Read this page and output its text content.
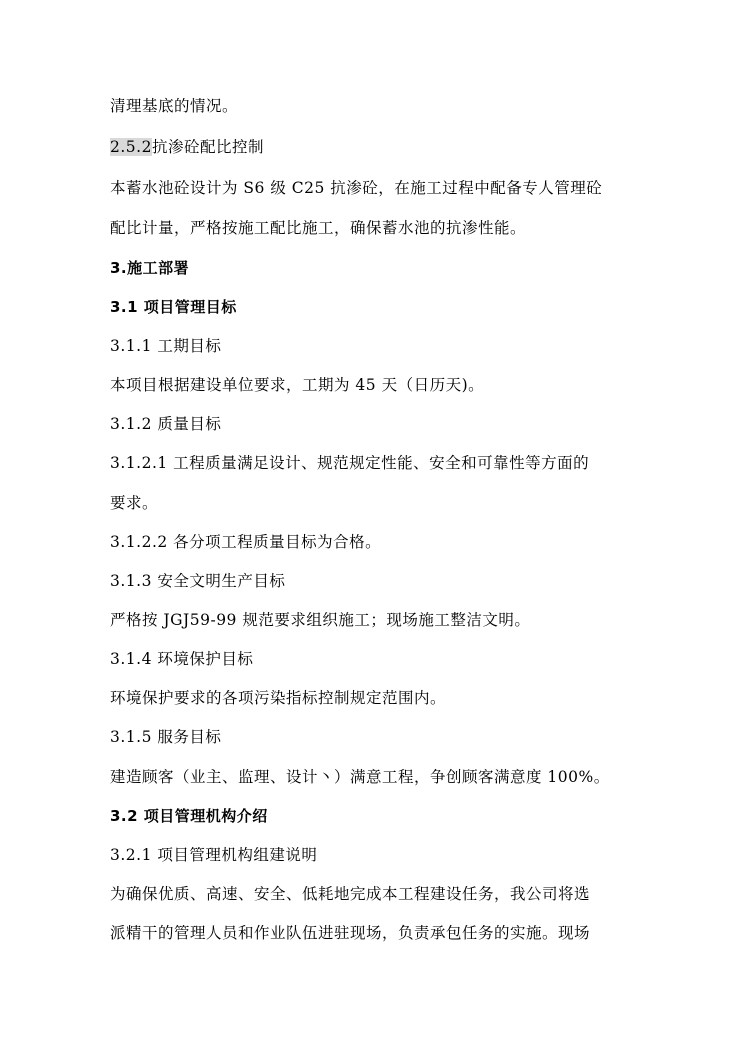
清理基底的情况。
2.5.2抗渗砼配比控制
本蓄水池砼设计为 S6 级 C25 抗渗砼，在施工过程中配备专人管理砼
配比计量，严格按施工配比施工，确保蓄水池的抗渗性能。
3.施工部署
3.1 项目管理目标
3.1.1 工期目标
本项目根据建设单位要求，工期为 45 天（日历天)。
3.1.2 质量目标
3.1.2.1 工程质量满足设计、规范规定性能、安全和可靠性等方面的
要求。
3.1.2.2 各分项工程质量目标为合格。
3.1.3 安全文明生产目标
严格按 JGJ59-99 规范要求组织施工；现场施工整洁文明。
3.1.4 环境保护目标
环境保护要求的各项污染指标控制规定范围内。
3.1.5 服务目标
建造顾客（业主、监理、设计丶）满意工程，争创顾客满意度 100%。
3.2 项目管理机构介绍
3.2.1 项目管理机构组建说明
为确保优质、高速、安全、低耗地完成本工程建设任务，我公司将选
派精干的管理人员和作业队伍进驻现场，负责承包任务的实施。现场
